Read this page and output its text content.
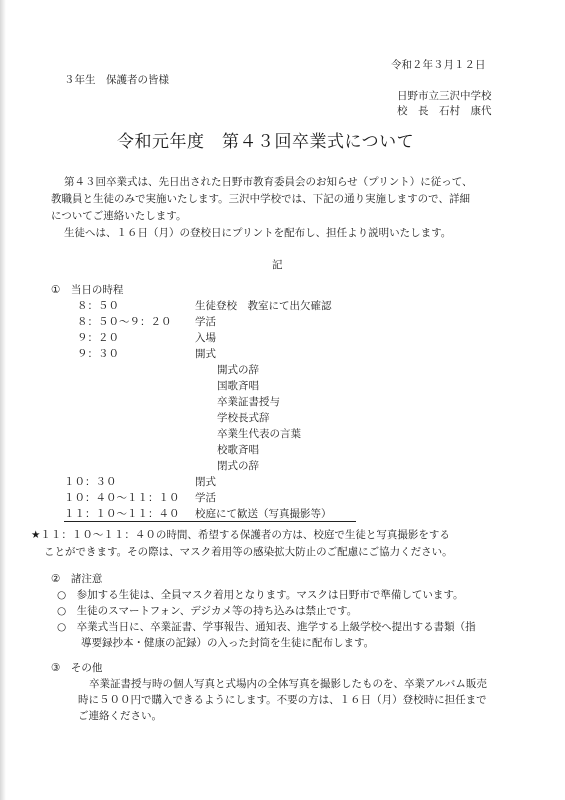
令和２年３月１２日
３年生　保護者の皆様
日野市立三沢中学校
校　長　石村　康代
令和元年度　第４３回卒業式について
第４３回卒業式は、先日出された日野市教育委員会のお知らせ（プリント）に従って、
教職員と生徒のみで実施いたします。三沢中学校では、下記の通り実施しますので、詳細
についてご連絡いたします。
生徒へは、１６日（月）の登校日にプリントを配布し、担任より説明いたします。
記
①　当日の時程
８：５０	生徒登校　教室にて出欠確認
８：５０～９：２０ 学活
９：２０	入場
９：３０	開式
開式の辞
国歌斉唱
卒業証書授与
学校長式辞
卒業生代表の言葉
校歌斉唱
閉式の辞
１０：３０	閉式
１０：４０～１１：１０ 学活
１１：１０～１１：４０ 校庭にて歓送（写真撮影等）
★１１：１０～１１：４０の時間、希望する保護者の方は、校庭で生徒と写真撮影をする
ことができます。その際は、マスク着用等の感染拡大防止のご配慮にご協力ください。
②　諸注意
○　参加する生徒は、全員マスク着用となります。マスクは日野市で準備しています。
○　生徒のスマートフォン、デジカメ等の持ち込みは禁止です。
○　卒業式当日に、卒業証書、学事報告、通知表、進学する上級学校へ提出する書類（指
導要録抄本・健康の記録）の入った封筒を生徒に配布します。
③　その他
卒業証書授与時の個人写真と式場内の全体写真を撮影したものを、卒業アルバム販売
時に５００円で購入できるようにします。不要の方は、１６日（月）登校時に担任まで
ご連絡ください。
